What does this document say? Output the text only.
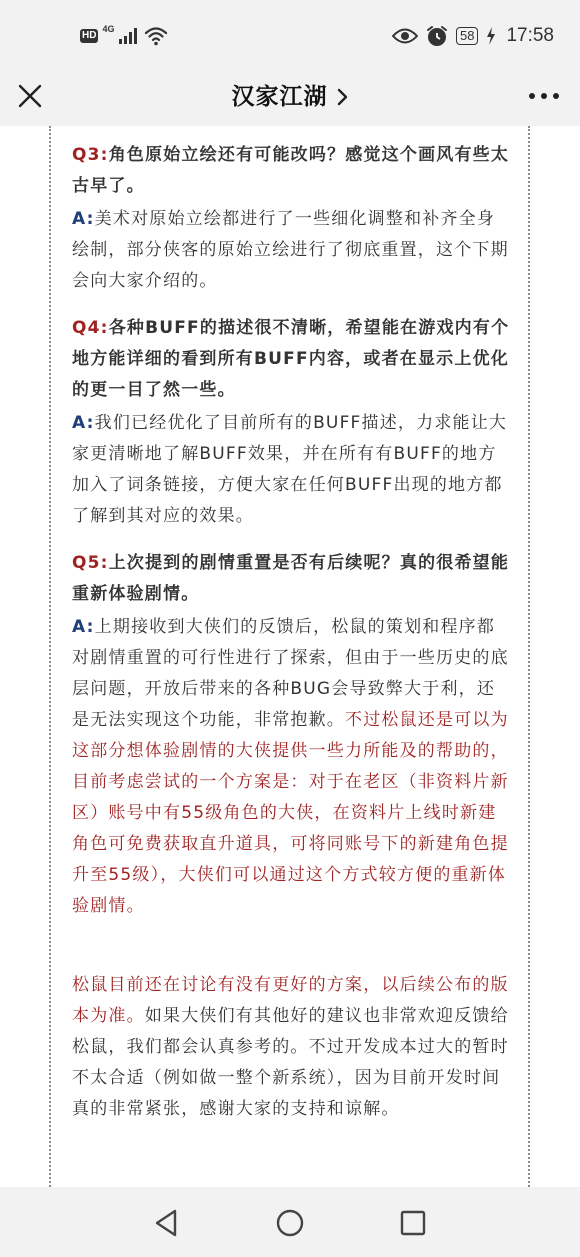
HD
4G	58 17:58
汉家江湖

Q3:角色原始立绘还有可能改吗？感觉这个画风有些太古早了。

A:美术对原始立绘都进行了一些细化调整和补齐全身绘制，部分侠客的原始立绘进行了彻底重置，这个下期会向大家介绍的。

Q4:各种BUFF的描述很不清晰，希望能在游戏内有个地方能详细的看到所有BUFF内容，或者在显示上优化的更一目了然一些。

A:我们已经优化了目前所有的BUFF描述，力求能让大家更清晰地了解BUFF效果，并在所有有BUFF的地方加入了词条链接，方便大家在任何BUFF出现的地方都了解到其对应的效果。

Q5:上次提到的剧情重置是否有后续呢？真的很希望能重新体验剧情。

A:上期接收到大侠们的反馈后，松鼠的策划和程序都对剧情重置的可行性进行了探索，但由于一些历史的底层问题，开放后带来的各种BUG会导致弊大于利，还是无法实现这个功能，非常抱歉。不过松鼠还是可以为这部分想体验剧情的大侠提供一些力所能及的帮助的，目前考虑尝试的一个方案是：对于在老区（非资料片新区）账号中有55级角色的大侠，在资料片上线时新建角色可免费获取直升道具，可将同账号下的新建角色提升至55级），大侠们可以通过这个方式较方便的重新体验剧情。

松鼠目前还在讨论有没有更好的方案，以后续公布的版本为准。如果大侠们有其他好的建议也非常欢迎反馈给松鼠，我们都会认真参考的。不过开发成本过大的暂时不太合适（例如做一整个新系统），因为目前开发时间真的非常紧张，感谢大家的支持和谅解。
